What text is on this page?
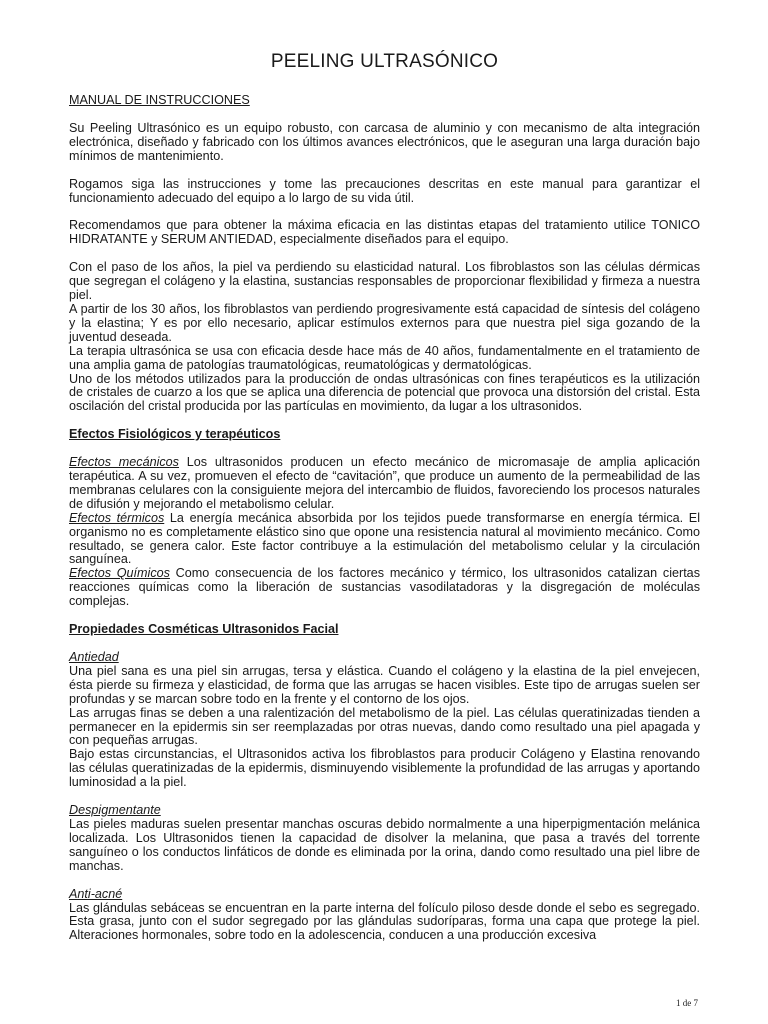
PEELING ULTRASÓNICO
MANUAL DE INSTRUCCIONES

Su Peeling Ultrasónico es un equipo robusto, con carcasa de aluminio y con mecanismo de alta integración electrónica, diseñado y fabricado con los últimos avances electrónicos, que le aseguran una larga duración bajo mínimos de mantenimiento.

Rogamos siga las instrucciones y tome las precauciones descritas en este manual para garantizar el funcionamiento adecuado del equipo a lo largo de su vida útil.

Recomendamos que para obtener la máxima eficacia en las distintas etapas del tratamiento utilice TONICO HIDRATANTE y SERUM ANTIEDAD, especialmente diseñados para el equipo.

Con el paso de los años, la piel va perdiendo su elasticidad natural. Los fibroblastos son las células dérmicas que segregan el colágeno y la elastina, sustancias responsables de proporcionar flexibilidad y firmeza a nuestra piel.

A partir de los 30 años, los fibroblastos van perdiendo progresivamente está capacidad de síntesis del colágeno y la elastina; Y es por ello necesario, aplicar estímulos externos para que nuestra piel siga gozando de la juventud deseada.

La terapia ultrasónica se usa con eficacia desde hace más de 40 años, fundamentalmente en el tratamiento de una amplia gama de patologías traumatológicas, reumatológicas y dermatológicas.

Uno de los métodos utilizados para la producción de ondas ultrasónicas con fines terapéuticos es la utilización de cristales de cuarzo a los que se aplica una diferencia de potencial que provoca una distorsión del cristal. Esta oscilación del cristal producida por las partículas en movimiento, da lugar a los ultrasonidos.

Efectos Fisiológicos y terapéuticos

Efectos mecánicos Los ultrasonidos producen un efecto mecánico de micromasaje de amplia aplicación terapéutica. A su vez, promueven el efecto de “cavitación”, que produce un aumento de la permeabilidad de las membranas celulares con la consiguiente mejora del intercambio de fluidos, favoreciendo los procesos naturales de difusión y mejorando el metabolismo celular.

Efectos térmicos La energía mecánica absorbida por los tejidos puede transformarse en energía térmica. El organismo no es completamente elástico sino que opone una resistencia natural al movimiento mecánico. Como resultado, se genera calor. Este factor contribuye a la estimulación del metabolismo celular y la circulación sanguínea.

Efectos Químicos Como consecuencia de los factores mecánico y térmico, los ultrasonidos catalizan ciertas reacciones químicas como la liberación de sustancias vasodilatadoras y la disgregación de moléculas complejas.

Propiedades Cosméticas Ultrasonidos Facial
Antiedad

Una piel sana es una piel sin arrugas, tersa y elástica. Cuando el colágeno y la elastina de la piel envejecen, ésta pierde su firmeza y elasticidad, de forma que las arrugas se hacen visibles. Este tipo de arrugas suelen ser profundas y se marcan sobre todo en la frente y el contorno de los ojos.

Las arrugas finas se deben a una ralentización del metabolismo de la piel. Las células queratinizadas tienden a permanecer en la epidermis sin ser reemplazadas por otras nuevas, dando como resultado una piel apagada y con pequeñas arrugas.

Bajo estas circunstancias, el Ultrasonidos activa los fibroblastos para producir Colágeno y Elastina renovando las células queratinizadas de la epidermis, disminuyendo visiblemente la profundidad de las arrugas y aportando luminosidad a la piel.

Despigmentante

Las pieles maduras suelen presentar manchas oscuras debido normalmente a una hiperpigmentación melánica localizada. Los Ultrasonidos tienen la capacidad de disolver la melanina, que pasa a través del torrente sanguíneo o los conductos linfáticos de donde es eliminada por la orina, dando como resultado una piel libre de manchas.

Anti-acné

Las glándulas sebáceas se encuentran en la parte interna del folículo piloso desde donde el sebo es segregado. Esta grasa, junto con el sudor segregado por las glándulas sudoríparas, forma una capa que protege la piel. Alteraciones hormonales, sobre todo en la adolescencia, conducen a una producción excesiva

1 de 7
